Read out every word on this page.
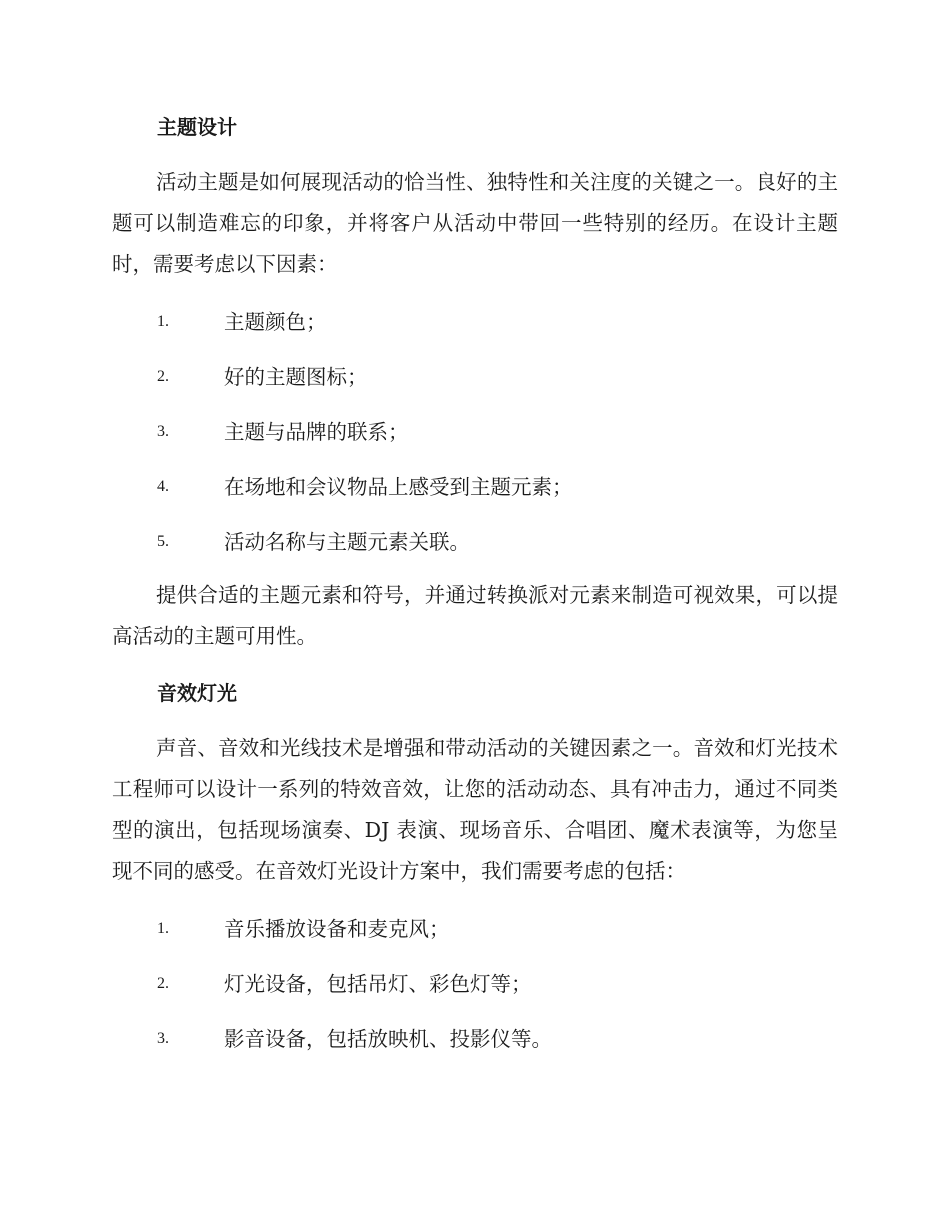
主题设计

活动主题是如何展现活动的恰当性、独特性和关注度的关键之一。良好的主题可以制造难忘的印象，并将客户从活动中带回一些特别的经历。在设计主题时，需要考虑以下因素：

1.	主题颜色；
2.	好的主题图标；
3.	主题与品牌的联系；
4.	在场地和会议物品上感受到主题元素；
5.	活动名称与主题元素关联。

提供合适的主题元素和符号，并通过转换派对元素来制造可视效果，可以提高活动的主题可用性。

音效灯光

声音、音效和光线技术是增强和带动活动的关键因素之一。音效和灯光技术工程师可以设计一系列的特效音效，让您的活动动态、具有冲击力，通过不同类型的演出，包括现场演奏、DJ 表演、现场音乐、合唱团、魔术表演等，为您呈现不同的感受。在音效灯光设计方案中，我们需要考虑的包括：

1.	音乐播放设备和麦克风；
2.	灯光设备，包括吊灯、彩色灯等；
3.	影音设备，包括放映机、投影仪等。
